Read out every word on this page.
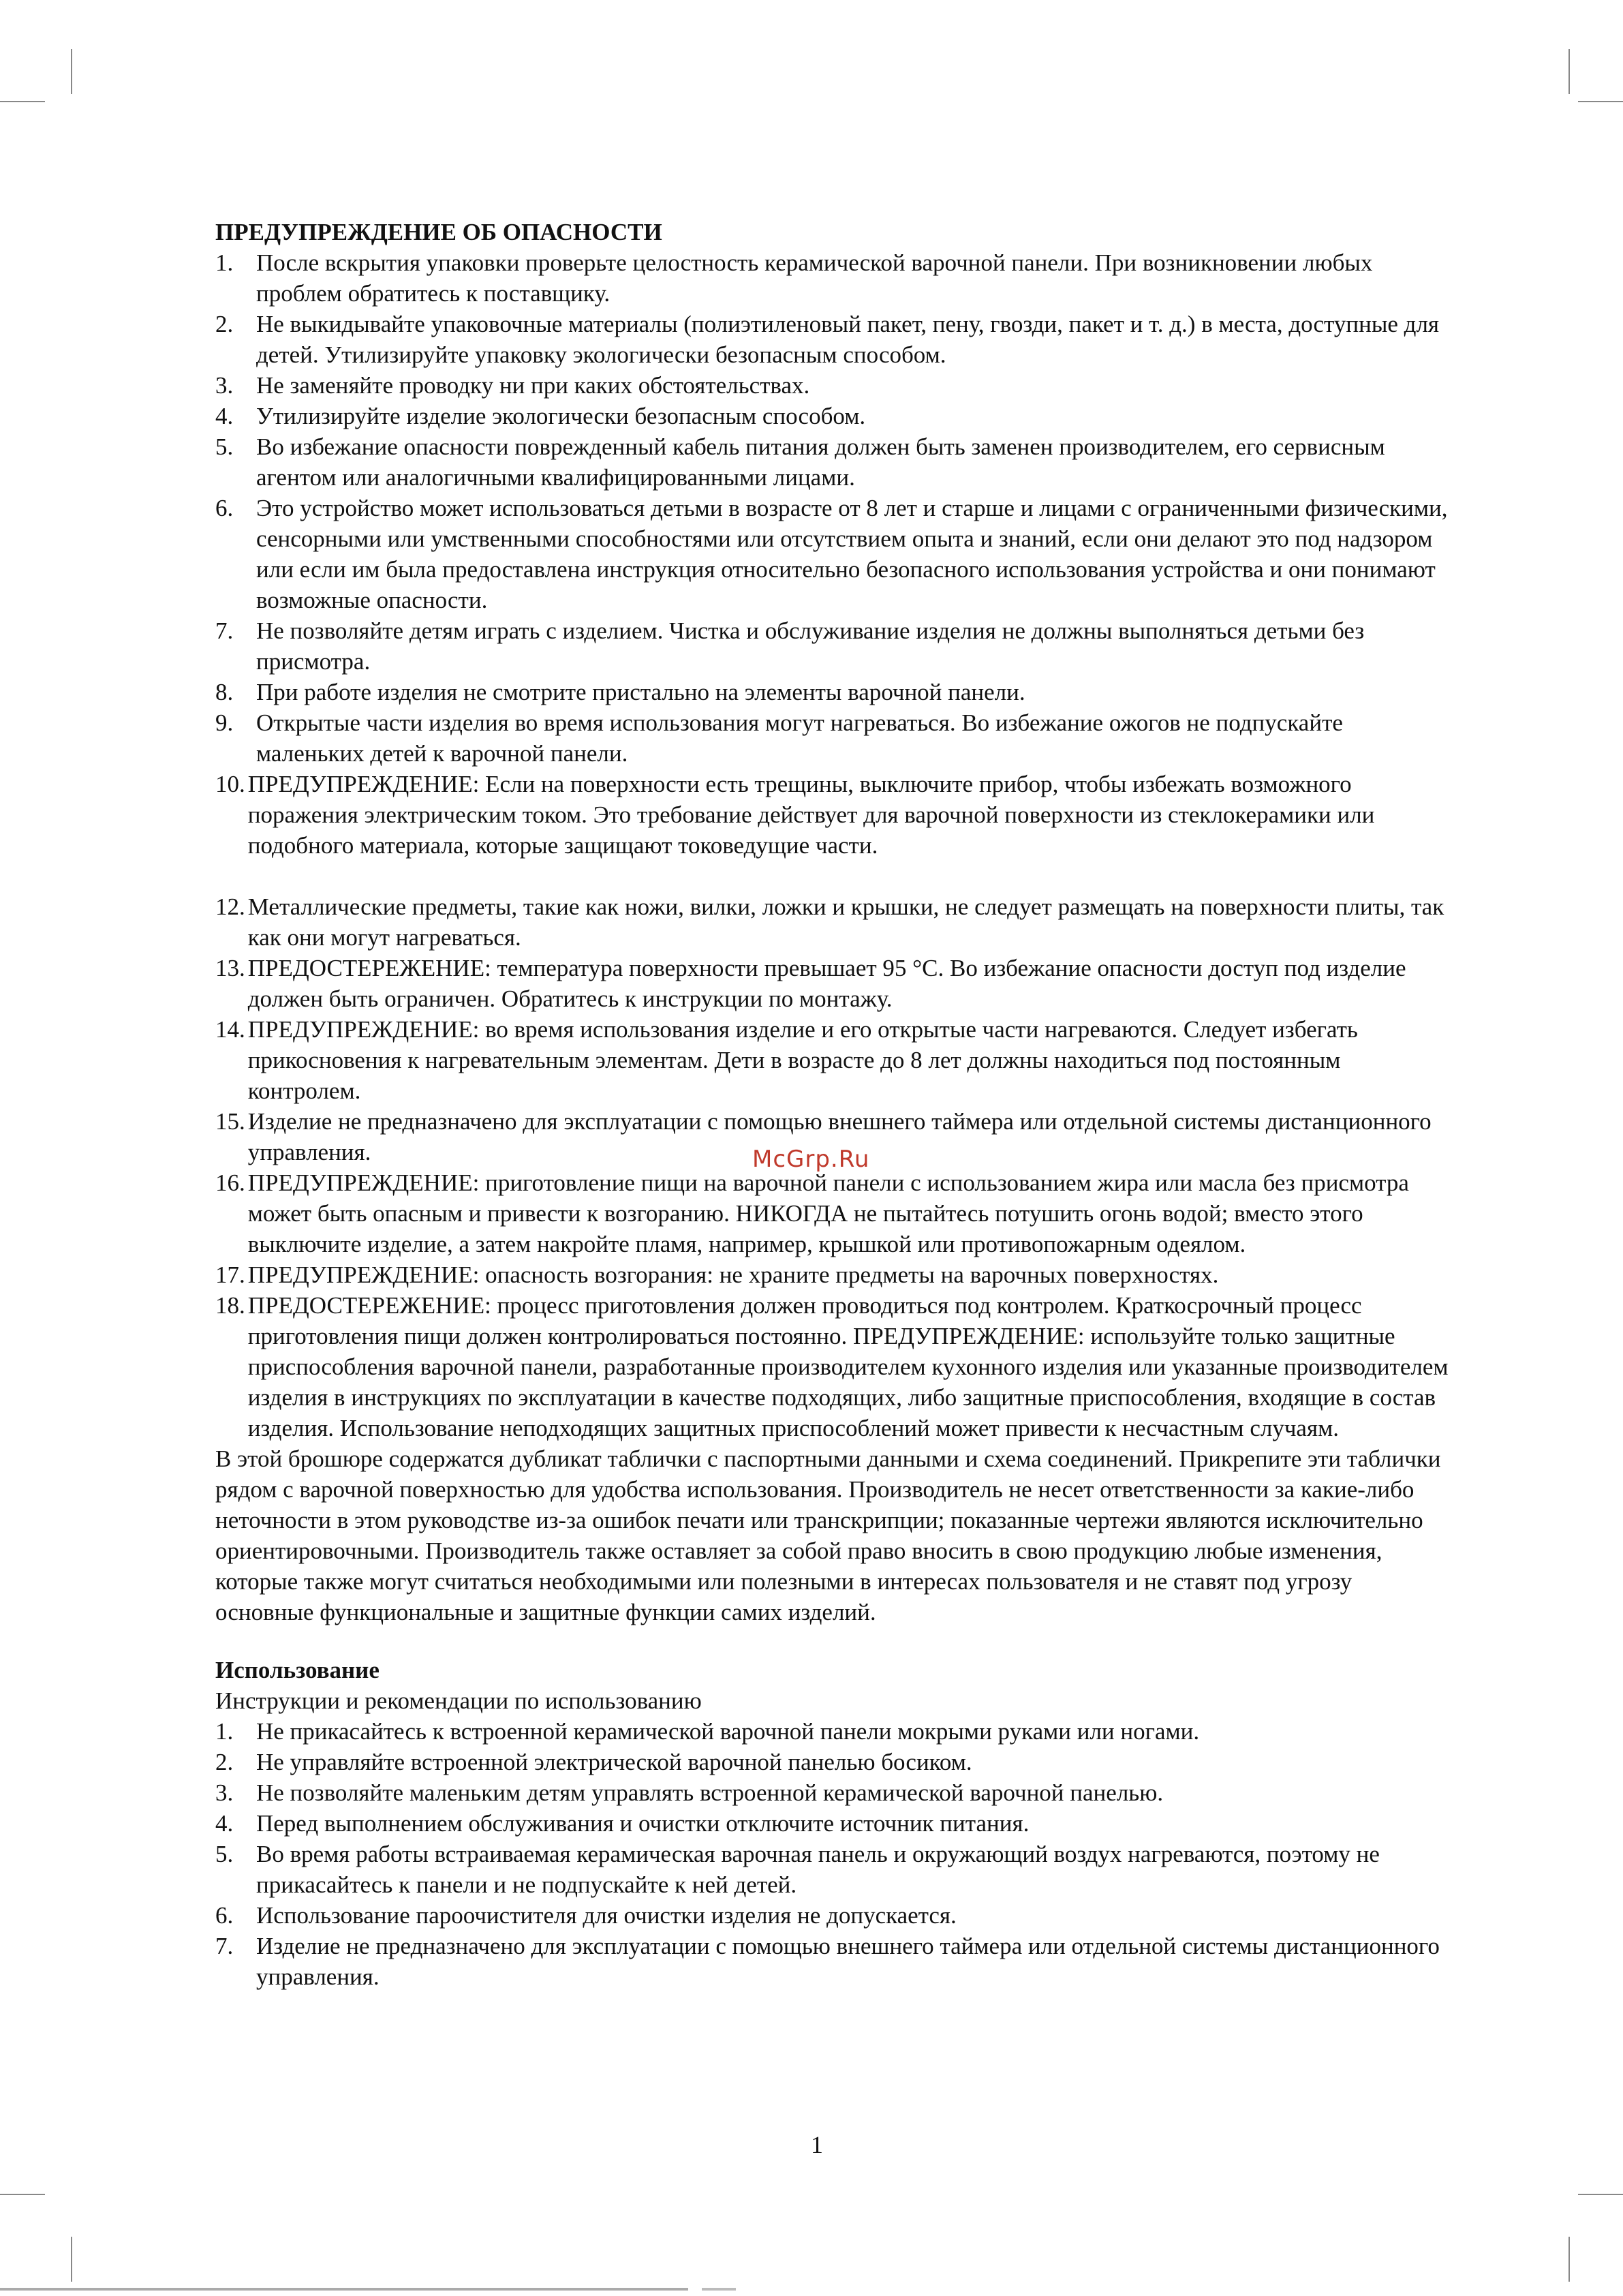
ПРЕДУПРЕЖДЕНИЕ ОБ ОПАСНОСТИ

1. После вскрытия упаковки проверьте целостность керамической варочной панели. При возникновении любых проблем обратитесь к поставщику.
2. Не выкидывайте упаковочные материалы (полиэтиленовый пакет, пену, гвозди, пакет и т. д.) в места, доступные для детей. Утилизируйте упаковку экологически безопасным способом.
3. Не заменяйте проводку ни при каких обстоятельствах.
4. Утилизируйте изделие экологически безопасным способом.
5. Во избежание опасности поврежденный кабель питания должен быть заменен производителем, его сервисным агентом или аналогичными квалифицированными лицами.
6. Это устройство может использоваться детьми в возрасте от 8 лет и старше и лицами с ограниченными физическими, сенсорными или умственными способностями или отсутствием опыта и знаний, если они делают это под надзором или если им была предоставлена инструкция относительно безопасного использования устройства и они понимают возможные опасности.
7. Не позволяйте детям играть с изделием. Чистка и обслуживание изделия не должны выполняться детьми без присмотра.
8. При работе изделия не смотрите пристально на элементы варочной панели.
9. Открытые части изделия во время использования могут нагреваться. Во избежание ожогов не подпускайте маленьких детей к варочной панели.
10. ПРЕДУПРЕЖДЕНИЕ: Если на поверхности есть трещины, выключите прибор, чтобы избежать возможного поражения электрическим током. Это требование действует для варочной поверхности из стеклокерамики или подобного материала, которые защищают токоведущие части.
12. Металлические предметы, такие как ножи, вилки, ложки и крышки, не следует размещать на поверхности плиты, так как они могут нагреваться.
13. ПРЕДОСТЕРЕЖЕНИЕ: температура поверхности превышает 95 °C. Во избежание опасности доступ под изделие должен быть ограничен. Обратитесь к инструкции по монтажу.
14. ПРЕДУПРЕЖДЕНИЕ: во время использования изделие и его открытые части нагреваются. Следует избегать прикосновения к нагревательным элементам. Дети в возрасте до 8 лет должны находиться под постоянным контролем.
15. Изделие не предназначено для эксплуатации с помощью внешнего таймера или отдельной системы дистанционного управления.
16. ПРЕДУПРЕЖДЕНИЕ: приготовление пищи на варочной панели с использованием жира или масла без присмотра может быть опасным и привести к возгоранию. НИКОГДА не пытайтесь потушить огонь водой; вместо этого выключите изделие, а затем накройте пламя, например, крышкой или противопожарным одеялом.
17. ПРЕДУПРЕЖДЕНИЕ: опасность возгорания: не храните предметы на варочных поверхностях.
18. ПРЕДОСТЕРЕЖЕНИЕ: процесс приготовления должен проводиться под контролем. Краткосрочный процесс приготовления пищи должен контролироваться постоянно. ПРЕДУПРЕЖДЕНИЕ: используйте только защитные приспособления варочной панели, разработанные производителем кухонного изделия или указанные производителем изделия в инструкциях по эксплуатации в качестве подходящих, либо защитные приспособления, входящие в состав изделия. Использование неподходящих защитных приспособлений может привести к несчастным случаям.

В этой брошюре содержатся дубликат таблички с паспортными данными и схема соединений. Прикрепите эти таблички рядом с варочной поверхностью для удобства использования. Производитель не несет ответственности за какие-либо неточности в этом руководстве из-за ошибок печати или транскрипции; показанные чертежи являются исключительно ориентировочными. Производитель также оставляет за собой право вносить в свою продукцию любые изменения, которые также могут считаться необходимыми или полезными в интересах пользователя и не ставят под угрозу основные функциональные и защитные функции самих изделий.

Использование

Инструкции и рекомендации по использованию

1. Не прикасайтесь к встроенной керамической варочной панели мокрыми руками или ногами.
2. Не управляйте встроенной электрической варочной панелью босиком.
3. Не позволяйте маленьким детям управлять встроенной керамической варочной панелью.
4. Перед выполнением обслуживания и очистки отключите источник питания.
5. Во время работы встраиваемая керамическая варочная панель и окружающий воздух нагреваются, поэтому не прикасайтесь к панели и не подпускайте к ней детей.
6. Использование пароочистителя для очистки изделия не допускается.
7. Изделие не предназначено для эксплуатации с помощью внешнего таймера или отдельной системы дистанционного управления.
McGrp.Ru
1
